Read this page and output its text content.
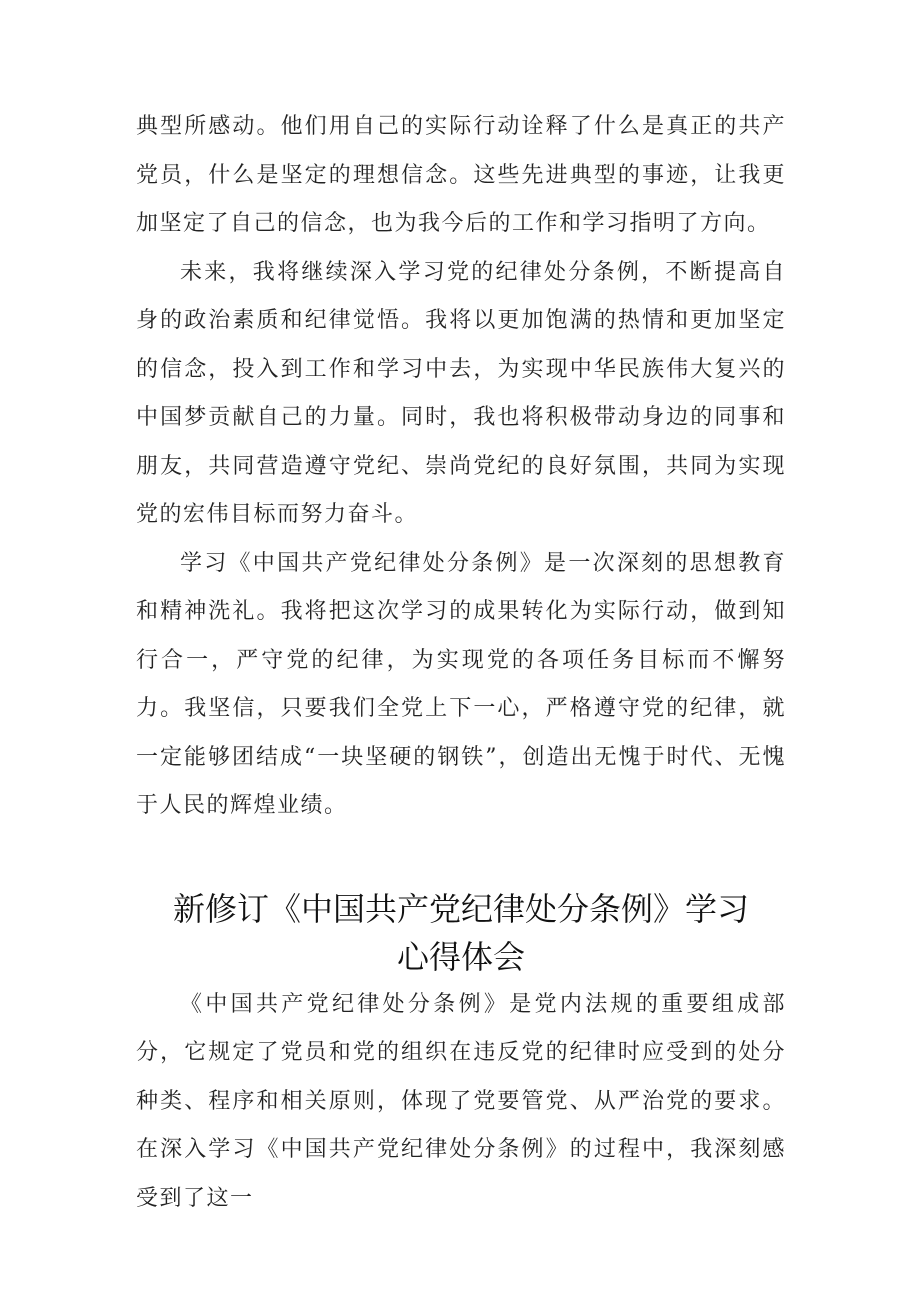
典型所感动。他们用自己的实际行动诠释了什么是真正的共产党员，什么是坚定的理想信念。这些先进典型的事迹，让我更加坚定了自己的信念，也为我今后的工作和学习指明了方向。

未来，我将继续深入学习党的纪律处分条例，不断提高自身的政治素质和纪律觉悟。我将以更加饱满的热情和更加坚定的信念，投入到工作和学习中去，为实现中华民族伟大复兴的中国梦贡献自己的力量。同时，我也将积极带动身边的同事和朋友，共同营造遵守党纪、崇尚党纪的良好氛围，共同为实现党的宏伟目标而努力奋斗。

学习《中国共产党纪律处分条例》是一次深刻的思想教育和精神洗礼。我将把这次学习的成果转化为实际行动，做到知行合一，严守党的纪律，为实现党的各项任务目标而不懈努力。我坚信，只要我们全党上下一心，严格遵守党的纪律，就一定能够团结成“一块坚硬的钢铁”，创造出无愧于时代、无愧于人民的辉煌业绩。

新修订《中国共产党纪律处分条例》学习
心得体会

《中国共产党纪律处分条例》是党内法规的重要组成部分，它规定了党员和党的组织在违反党的纪律时应受到的处分种类、程序和相关原则，体现了党要管党、从严治党的要求。在深入学习《中国共产党纪律处分条例》的过程中，我深刻感受到了这一
